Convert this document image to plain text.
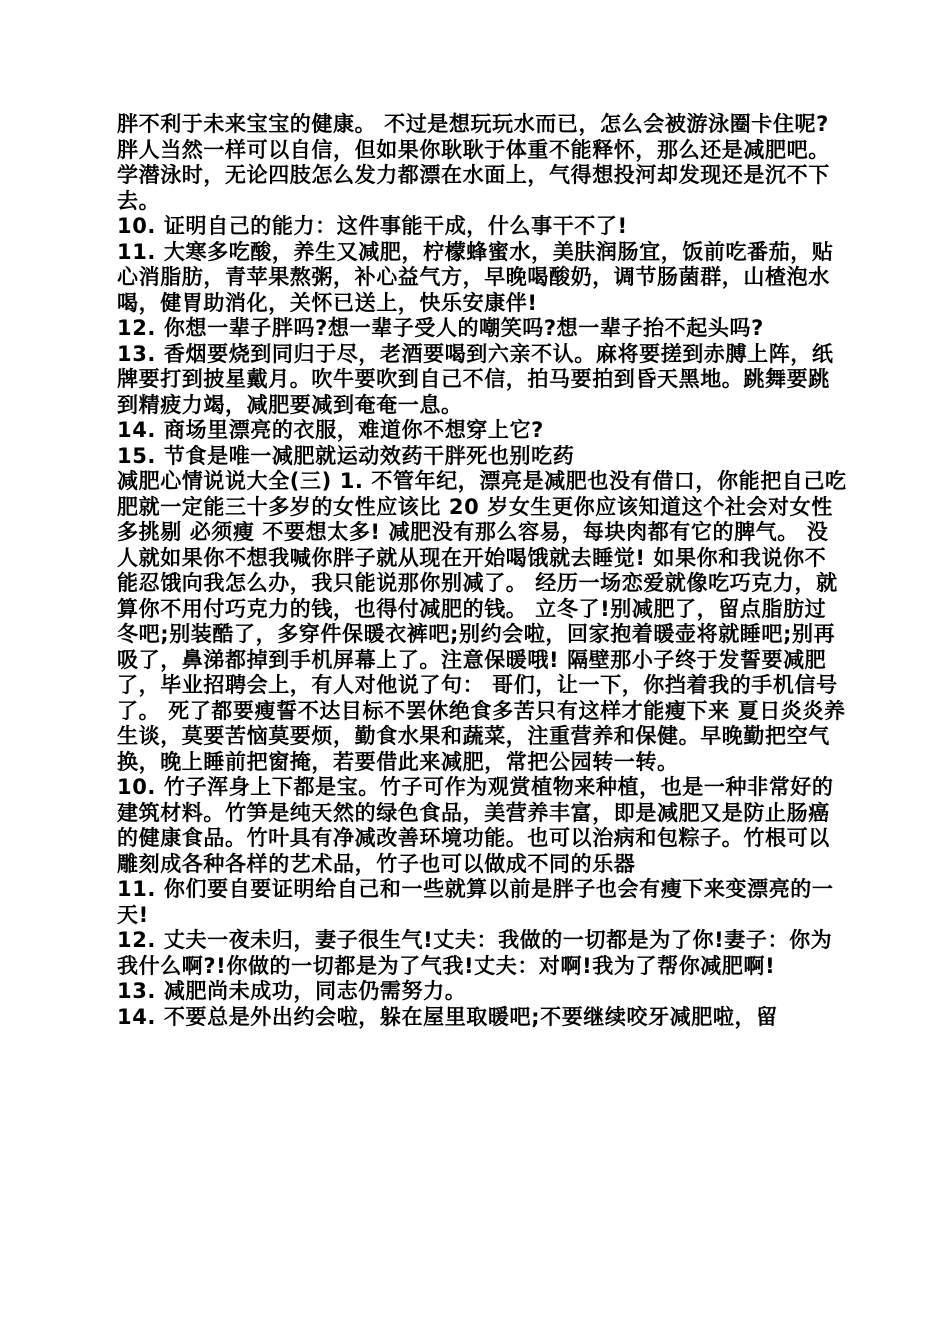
胖不利于未来宝宝的健康。 不过是想玩玩水而已，怎么会被游泳圈卡住呢? 胖人当然一样可以自信，但如果你耿耿于体重不能释怀，那么还是减肥吧。 学潜泳时，无论四肢怎么发力都漂在水面上，气得想投河却发现还是沉不下去。

10. 证明自己的能力：这件事能干成，什么事干不了!

11. 大寒多吃酸，养生又减肥，柠檬蜂蜜水，美肤润肠宜，饭前吃番茄，贴心消脂肪，青苹果熬粥，补心益气方，早晚喝酸奶，调节肠菌群，山楂泡水喝，健胃助消化，关怀已送上，快乐安康伴!

12. 你想一辈子胖吗?想一辈子受人的嘲笑吗?想一辈子抬不起头吗?

13. 香烟要烧到同归于尽，老酒要喝到六亲不认。麻将要搓到赤膊上阵，纸牌要打到披星戴月。吹牛要吹到自己不信，拍马要拍到昏天黑地。跳舞要跳到精疲力竭，减肥要减到奄奄一息。

14. 商场里漂亮的衣服，难道你不想穿上它?

15. 节食是唯一减肥就运动效药干胖死也别吃药

减肥心情说说大全(三) 1. 不管年纪，漂亮是减肥也没有借口，你能把自己吃肥就一定能三十多岁的女性应该比 20 岁女生更你应该知道这个社会对女性多挑剔 必须瘦 不要想太多! 减肥没有那么容易，每块肉都有它的脾气。 没人就如果你不想我喊你胖子就从现在开始喝饿就去睡觉! 如果你和我说你不能忍饿向我怎么办，我只能说那你别减了。 经历一场恋爱就像吃巧克力，就算你不用付巧克力的钱，也得付减肥的钱。 立冬了!别减肥了，留点脂肪过冬吧;别装酷了，多穿件保暖衣裤吧;别约会啦，回家抱着暖壶将就睡吧;别再吸了，鼻涕都掉到手机屏幕上了。注意保暖哦! 隔壁那小子终于发誓要减肥了，毕业招聘会上，有人对他说了句： 哥们，让一下，你挡着我的手机信号了。 死了都要瘦誓不达目标不罢休绝食多苦只有这样才能瘦下来 夏日炎炎养生谈，莫要苦恼莫要烦，勤食水果和蔬菜，注重营养和保健。早晚勤把空气换，晚上睡前把窗掩，若要借此来减肥，常把公园转一转。

10. 竹子浑身上下都是宝。竹子可作为观赏植物来种植，也是一种非常好的建筑材料。竹笋是纯天然的绿色食品，美营养丰富，即是减肥又是防止肠癌的健康食品。竹叶具有净减改善环境功能。也可以治病和包粽子。竹根可以雕刻成各种各样的艺术品，竹子也可以做成不同的乐器

11. 你们要自要证明给自己和一些就算以前是胖子也会有瘦下来变漂亮的一天!

12. 丈夫一夜未归，妻子很生气!丈夫：我做的一切都是为了你!妻子：你为我什么啊?!你做的一切都是为了气我!丈夫：对啊!我为了帮你减肥啊!

13. 减肥尚未成功，同志仍需努力。

14. 不要总是外出约会啦，躲在屋里取暖吧;不要继续咬牙减肥啦，留
